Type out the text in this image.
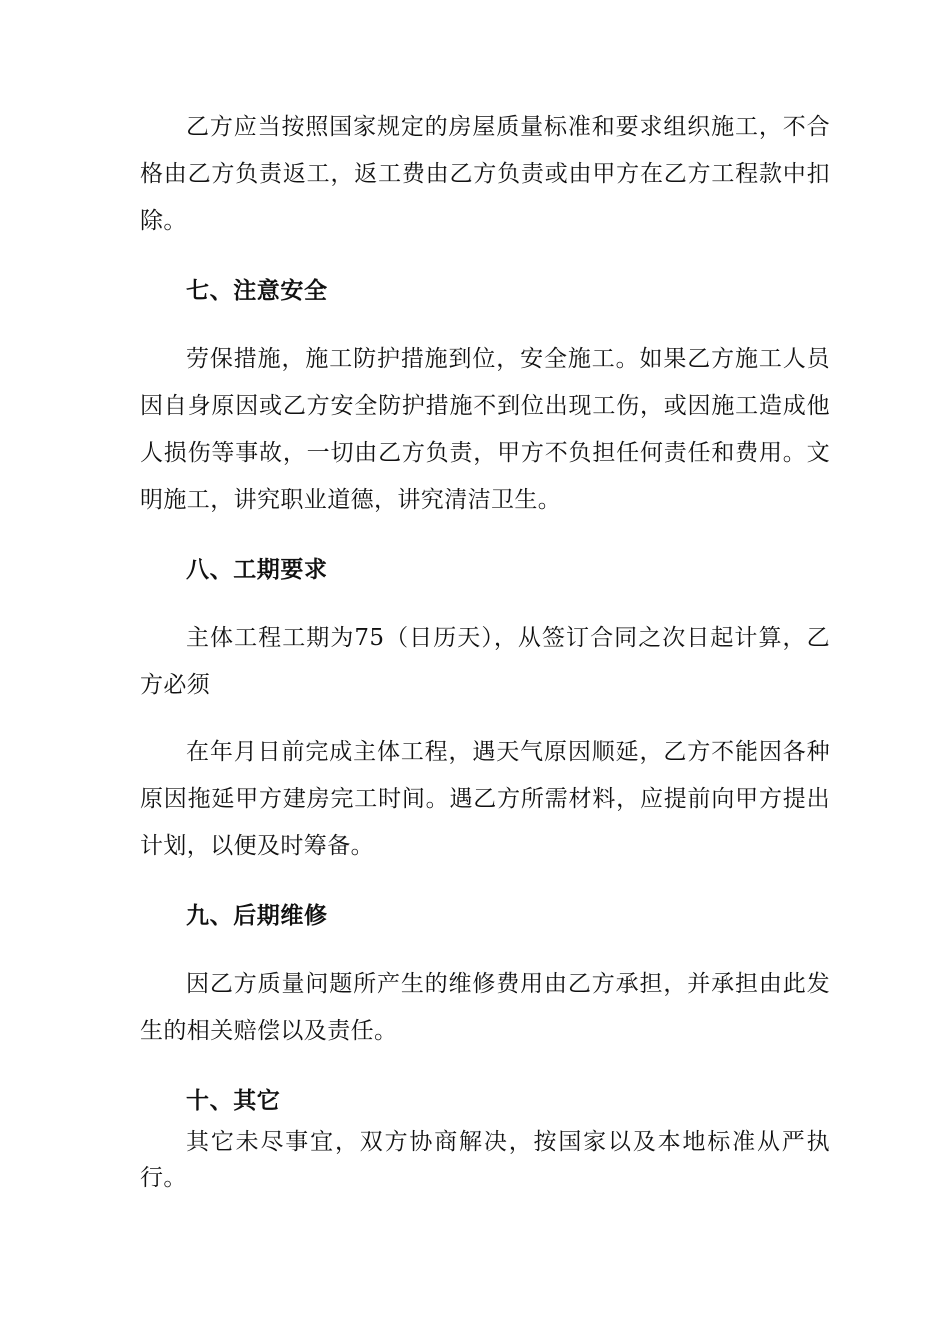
乙方应当按照国家规定的房屋质量标准和要求组织施工，不合格由乙方负责返工，返工费由乙方负责或由甲方在乙方工程款中扣除。

七、注意安全

劳保措施，施工防护措施到位，安全施工。如果乙方施工人员因自身原因或乙方安全防护措施不到位出现工伤，或因施工造成他人损伤等事故，一切由乙方负责，甲方不负担任何责任和费用。文明施工，讲究职业道德，讲究清洁卫生。

八、工期要求

主体工程工期为75（日历天），从签订合同之次日起计算，乙方必须

在年月日前完成主体工程，遇天气原因顺延，乙方不能因各种原因拖延甲方建房完工时间。遇乙方所需材料，应提前向甲方提出计划，以便及时筹备。

九、后期维修

因乙方质量问题所产生的维修费用由乙方承担，并承担由此发生的相关赔偿以及责任。

十、其它

其它未尽事宜，双方协商解决，按国家以及本地标准从严执行。
